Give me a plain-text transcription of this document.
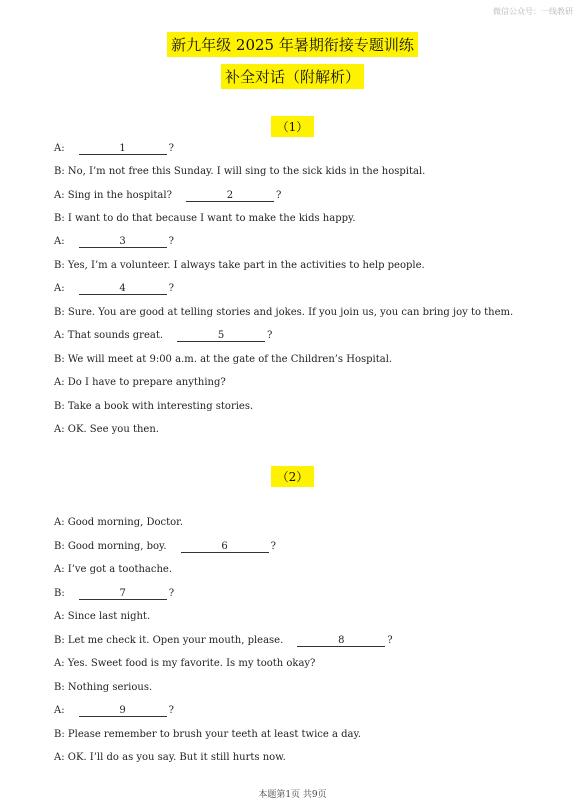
微信公众号：一线教研
新九年级 2025 年暑期衔接专题训练
补全对话（附解析）
（1）
A:	1	?
B: No, I’m not free this Sunday. I will sing to the sick kids in the hospital.
A: Sing in the hospital?	2	?
B: I want to do that because I want to make the kids happy.
A:	3	?
B: Yes, I’m a volunteer. I always take part in the activities to help people.
A:	4	?
B: Sure. You are good at telling stories and jokes. If you join us, you can bring joy to them.
A: That sounds great.	5	?
B: We will meet at 9:00 a.m. at the gate of the Children’s Hospital.
A: Do I have to prepare anything?
B: Take a book with interesting stories.
A: OK. See you then.
（2）
A: Good morning, Doctor.
B: Good morning, boy.	6	?
A: I’ve got a toothache.
B:	7	?
A: Since last night.
B: Let me check it. Open your mouth, please.	8	?
A: Yes. Sweet food is my favorite. Is my tooth okay?
B: Nothing serious.
A:	9	?
B: Please remember to brush your teeth at least twice a day.
A: OK. I’ll do as you say. But it still hurts now.
本题第1页 共9页
